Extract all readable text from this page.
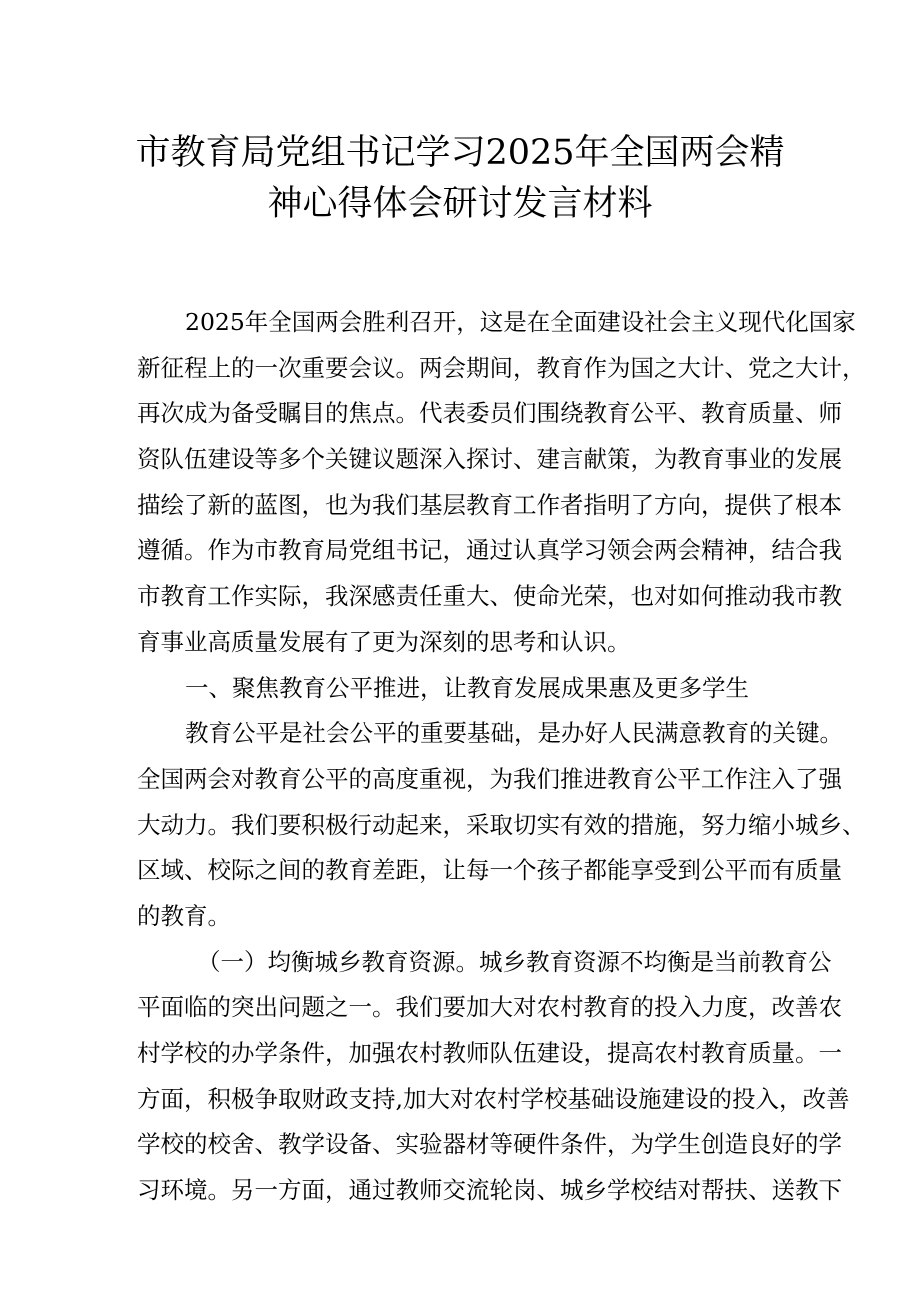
市教育局党组书记学习2025年全国两会精
神心得体会研讨发言材料
2025年全国两会胜利召开，这是在全面建设社会主义现代化国家
新征程上的一次重要会议。两会期间，教育作为国之大计、党之大计，
再次成为备受瞩目的焦点。代表委员们围绕教育公平、教育质量、师
资队伍建设等多个关键议题深入探讨、建言献策，为教育事业的发展
描绘了新的蓝图，也为我们基层教育工作者指明了方向，提供了根本
遵循。作为市教育局党组书记，通过认真学习领会两会精神，结合我
市教育工作实际，我深感责任重大、使命光荣，也对如何推动我市教
育事业高质量发展有了更为深刻的思考和认识。
一、聚焦教育公平推进，让教育发展成果惠及更多学生
教育公平是社会公平的重要基础，是办好人民满意教育的关键。
全国两会对教育公平的高度重视，为我们推进教育公平工作注入了强
大动力。我们要积极行动起来，采取切实有效的措施，努力缩小城乡、
区域、校际之间的教育差距，让每一个孩子都能享受到公平而有质量
的教育。
（一）均衡城乡教育资源。城乡教育资源不均衡是当前教育公
平面临的突出问题之一。我们要加大对农村教育的投入力度，改善农
村学校的办学条件，加强农村教师队伍建设，提高农村教育质量。一
方面，积极争取财政支持,加大对农村学校基础设施建设的投入，改善
学校的校舍、教学设备、实验器材等硬件条件，为学生创造良好的学
习环境。另一方面，通过教师交流轮岗、城乡学校结对帮扶、送教下
